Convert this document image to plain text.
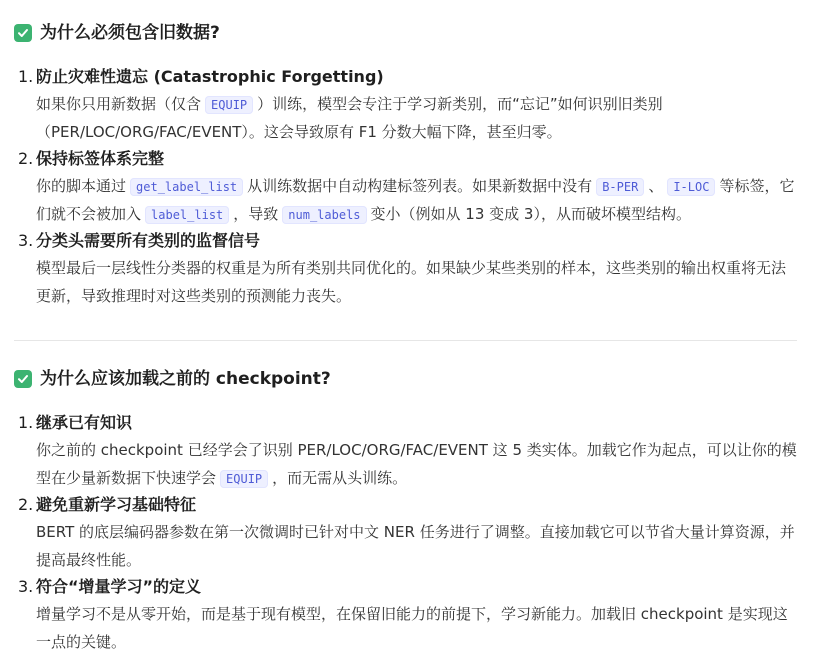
为什么必须包含旧数据?
1. 防止灾难性遗忘 (Catastrophic Forgetting)
如果你只用新数据（仅含 EQUIP ）训练，模型会专注于学习新类别，而“忘记”如何识别旧类别（PER/LOC/ORG/FAC/EVENT）。这会导致原有 F1 分数大幅下降，甚至归零。
2. 保持标签体系完整
你的脚本通过 get_label_list 从训练数据中自动构建标签列表。如果新数据中没有 B-PER 、 I-LOC 等标签，它们就不会被加入 label_list ，导致 num_labels 变小（例如从 13 变成 3），从而破坏模型结构。
3. 分类头需要所有类别的监督信号
模型最后一层线性分类器的权重是为所有类别共同优化的。如果缺少某些类别的样本，这些类别的输出权重将无法更新，导致推理时对这些类别的预测能力丧失。
为什么应该加载之前的 checkpoint?
1. 继承已有知识
你之前的 checkpoint 已经学会了识别 PER/LOC/ORG/FAC/EVENT 这 5 类实体。加载它作为起点，可以让你的模型在少量新数据下快速学会 EQUIP ，而无需从头训练。
2. 避免重新学习基础特征
BERT 的底层编码器参数在第一次微调时已针对中文 NER 任务进行了调整。直接加载它可以节省大量计算资源，并提高最终性能。
3. 符合“增量学习”的定义
增量学习不是从零开始，而是基于现有模型，在保留旧能力的前提下，学习新能力。加载旧 checkpoint 是实现这一点的关键。
